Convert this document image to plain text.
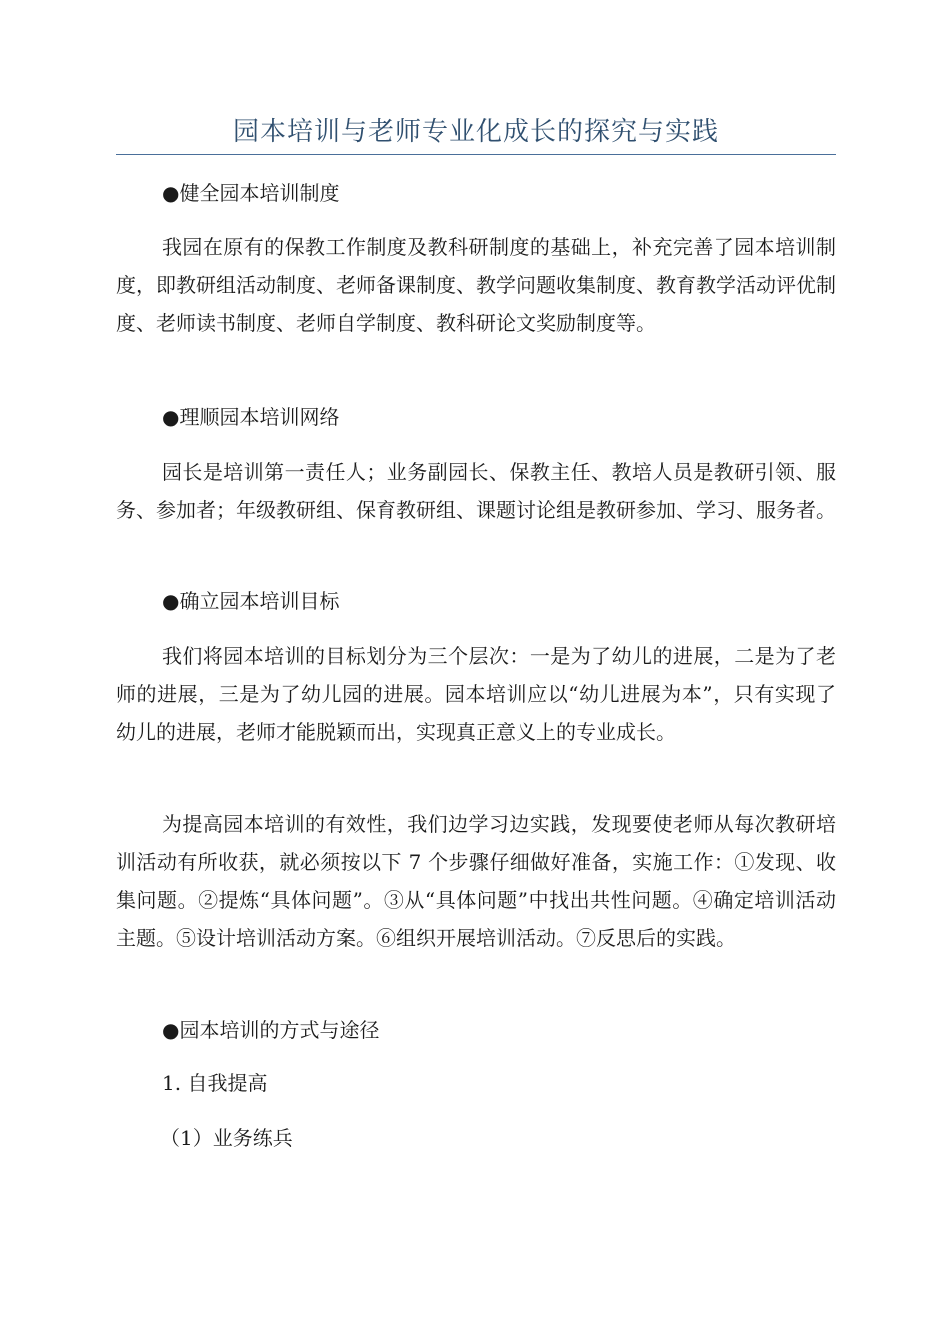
园本培训与老师专业化成长的探究与实践

●健全园本培训制度

我园在原有的保教工作制度及教科研制度的基础上，补充完善了园本培训制度，即教研组活动制度、老师备课制度、教学问题收集制度、教育教学活动评优制度、老师读书制度、老师自学制度、教科研论文奖励制度等。

●理顺园本培训网络

园长是培训第一责任人；业务副园长、保教主任、教培人员是教研引领、服务、参加者；年级教研组、保育教研组、课题讨论组是教研参加、学习、服务者。

●确立园本培训目标

我们将园本培训的目标划分为三个层次：一是为了幼儿的进展，二是为了老师的进展，三是为了幼儿园的进展。园本培训应以“幼儿进展为本”，只有实现了幼儿的进展，老师才能脱颖而出，实现真正意义上的专业成长。

为提高园本培训的有效性，我们边学习边实践，发现要使老师从每次教研培训活动有所收获，就必须按以下 7 个步骤仔细做好准备，实施工作：①发现、收集问题。②提炼“具体问题”。③从“具体问题”中找出共性问题。④确定培训活动主题。⑤设计培训活动方案。⑥组织开展培训活动。⑦反思后的实践。

●园本培训的方式与途径

1. 自我提高

（1）业务练兵
